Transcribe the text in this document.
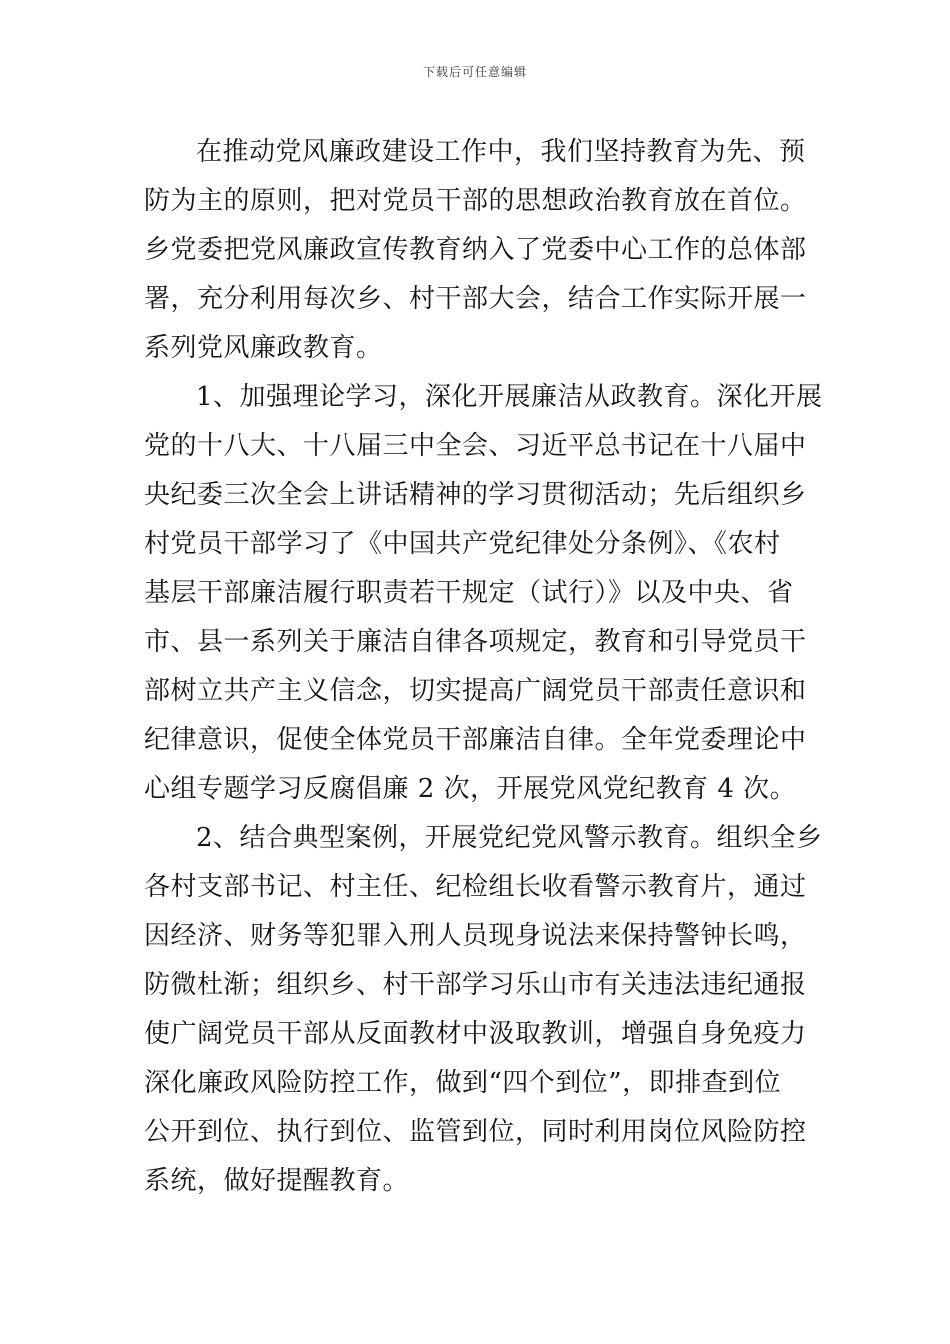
下载后可任意编辑
在推动党风廉政建设工作中，我们坚持教育为先、预
防为主的原则，把对党员干部的思想政治教育放在首位。
乡党委把党风廉政宣传教育纳入了党委中心工作的总体部
署，充分利用每次乡、村干部大会，结合工作实际开展一
系列党风廉政教育。
1、加强理论学习，深化开展廉洁从政教育。深化开展
党的十八大、十八届三中全会、习近平总书记在十八届中
央纪委三次全会上讲话精神的学习贯彻活动；先后组织乡
村党员干部学习了《中国共产党纪律处分条例》、《农村
基层干部廉洁履行职责若干规定（试行）》以及中央、省
市、县一系列关于廉洁自律各项规定，教育和引导党员干
部树立共产主义信念，切实提高广阔党员干部责任意识和
纪律意识，促使全体党员干部廉洁自律。全年党委理论中
心组专题学习反腐倡廉 2 次，开展党风党纪教育 4 次。
2、结合典型案例，开展党纪党风警示教育。组织全乡
各村支部书记、村主任、纪检组长收看警示教育片，通过
因经济、财务等犯罪入刑人员现身说法来保持警钟长鸣，
防微杜渐；组织乡、村干部学习乐山市有关违法违纪通报
使广阔党员干部从反面教材中汲取教训，增强自身免疫力
深化廉政风险防控工作，做到“四个到位”，即排查到位
公开到位、执行到位、监管到位，同时利用岗位风险防控
系统，做好提醒教育。
